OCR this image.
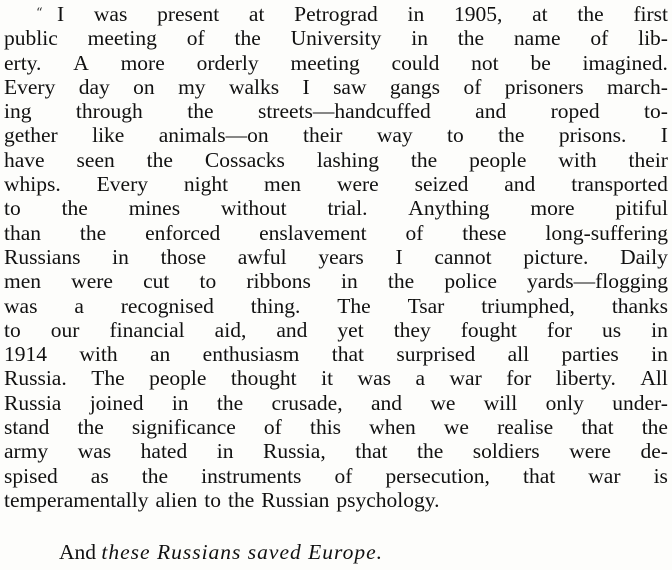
“ I was present at Petrograd in 1905, at the first
public meeting of the University in the name of lib-
erty. A more orderly meeting could not be imagined.
Every day on my walks I saw gangs of prisoners march-
ing through the streets—handcuffed and roped to-
gether like animals—on their way to the prisons. I
have seen the Cossacks lashing the people with their
whips. Every night men were seized and transported
to the mines without trial. Anything more pitiful
than the enforced enslavement of these long-suffering
Russians in those awful years I cannot picture. Daily
men were cut to ribbons in the police yards—flogging
was a recognised thing. The Tsar triumphed, thanks
to our financial aid, and yet they fought for us in
1914 with an enthusiasm that surprised all parties in
Russia. The people thought it was a war for liberty. All
Russia joined in the crusade, and we will only under-
stand the significance of this when we realise that the
army was hated in Russia, that the soldiers were de-
spised as the instruments of persecution, that war is
temperamentally alien to the Russian psychology.
And these Russians saved Europe.
